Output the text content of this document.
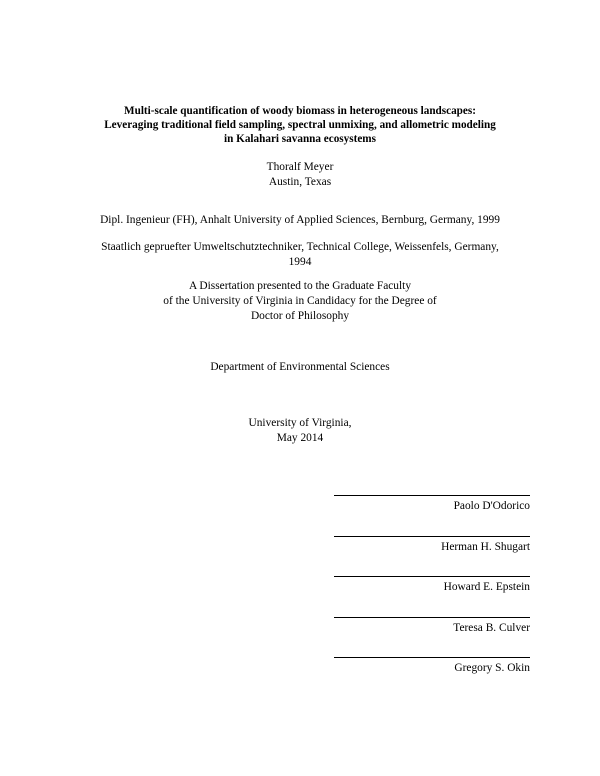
Multi-scale quantification of woody biomass in heterogeneous landscapes:
Leveraging traditional field sampling, spectral unmixing, and allometric modeling
in Kalahari savanna ecosystems
Thoralf Meyer
Austin, Texas
Dipl. Ingenieur (FH), Anhalt University of Applied Sciences, Bernburg, Germany, 1999
Staatlich gepruefter Umweltschutztechniker, Technical College, Weissenfels, Germany,
1994
A Dissertation presented to the Graduate Faculty
of the University of Virginia in Candidacy for the Degree of
Doctor of Philosophy
Department of Environmental Sciences
University of Virginia,
May 2014
Paolo D'Odorico
Herman H. Shugart
Howard E. Epstein
Teresa B. Culver
Gregory S. Okin
